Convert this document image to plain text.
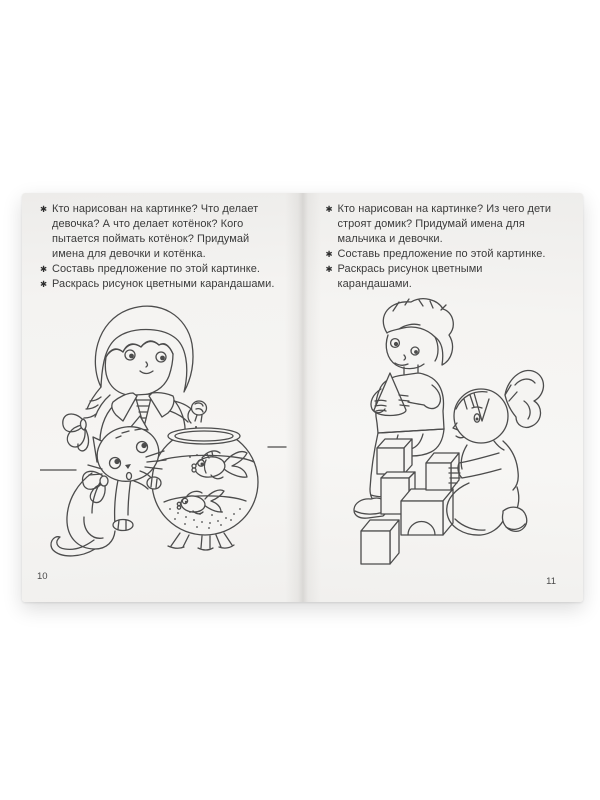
✱ Кто нарисован на картинке? Что делает девочка? А что делает котёнок? Кого пытается поймать котёнок? Придумай имена для девочки и котёнка.
✱ Составь предложение по этой картинке.
✱ Раскрась рисунок цветными карандашами.
10
✱ Кто нарисован на картинке? Из чего дети строят домик? Придумай имена для мальчика и девочки.
✱ Составь предложение по этой картинке.
✱ Раскрась рисунок цветными карандашами.
11
